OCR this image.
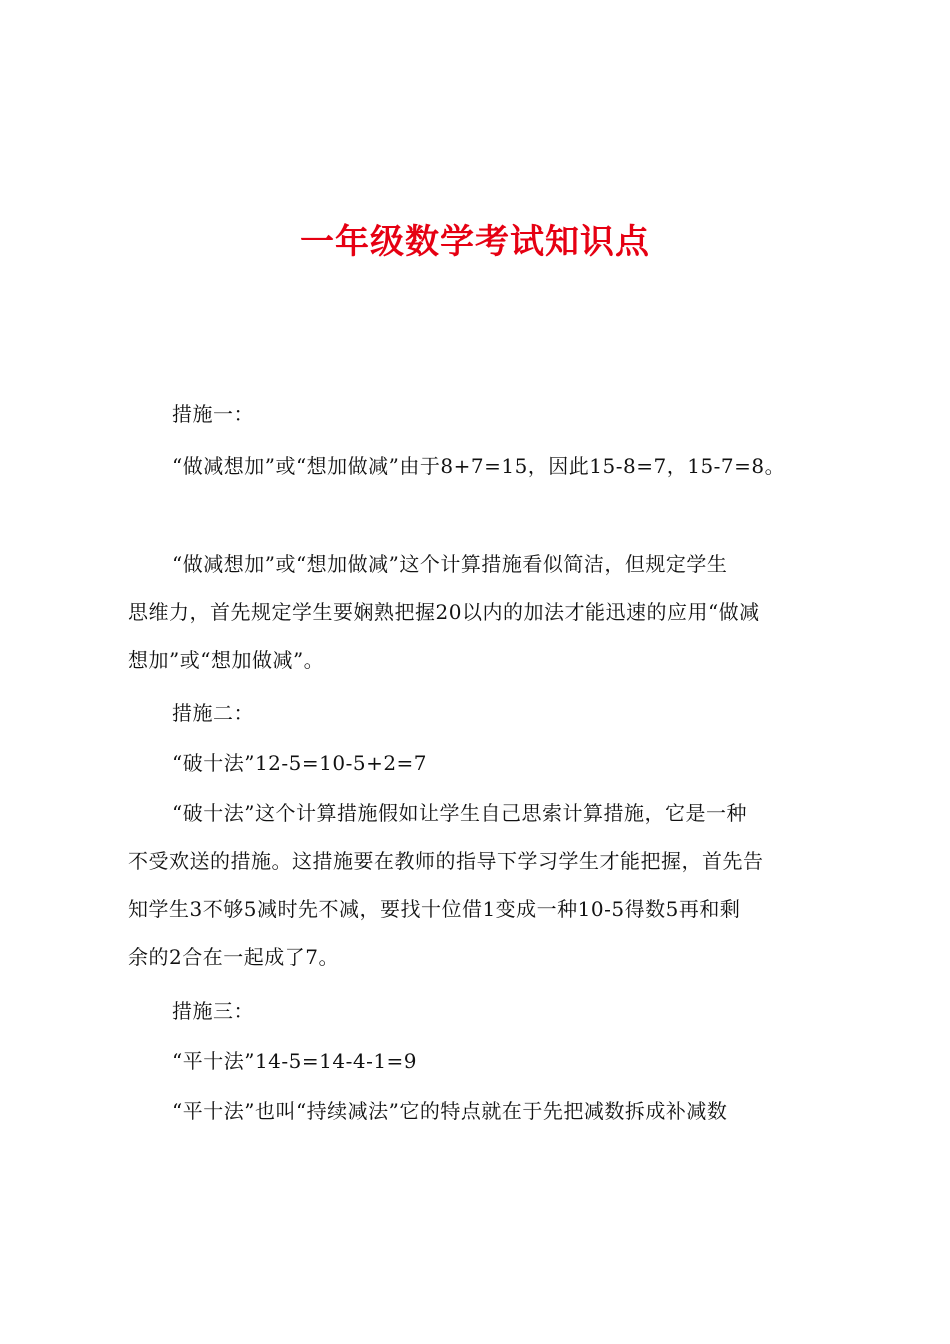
一年级数学考试知识点
措施一：
“做减想加”或“想加做减”由于8+7=15，因此15-8=7，15-7=8。
“做减想加”或“想加做减”这个计算措施看似简洁，但规定学生
思维力，首先规定学生要娴熟把握20以内的加法才能迅速的应用“做减
想加”或“想加做减”。
措施二：
“破十法”12-5=10-5+2=7
“破十法”这个计算措施假如让学生自己思索计算措施，它是一种
不受欢送的措施。这措施要在教师的指导下学习学生才能把握，首先告
知学生3不够5减时先不减，要找十位借1变成一种10-5得数5再和剩
余的2合在一起成了7。
措施三：
“平十法”14-5=14-4-1=9
“平十法”也叫“持续减法”它的特点就在于先把减数拆成补减数
